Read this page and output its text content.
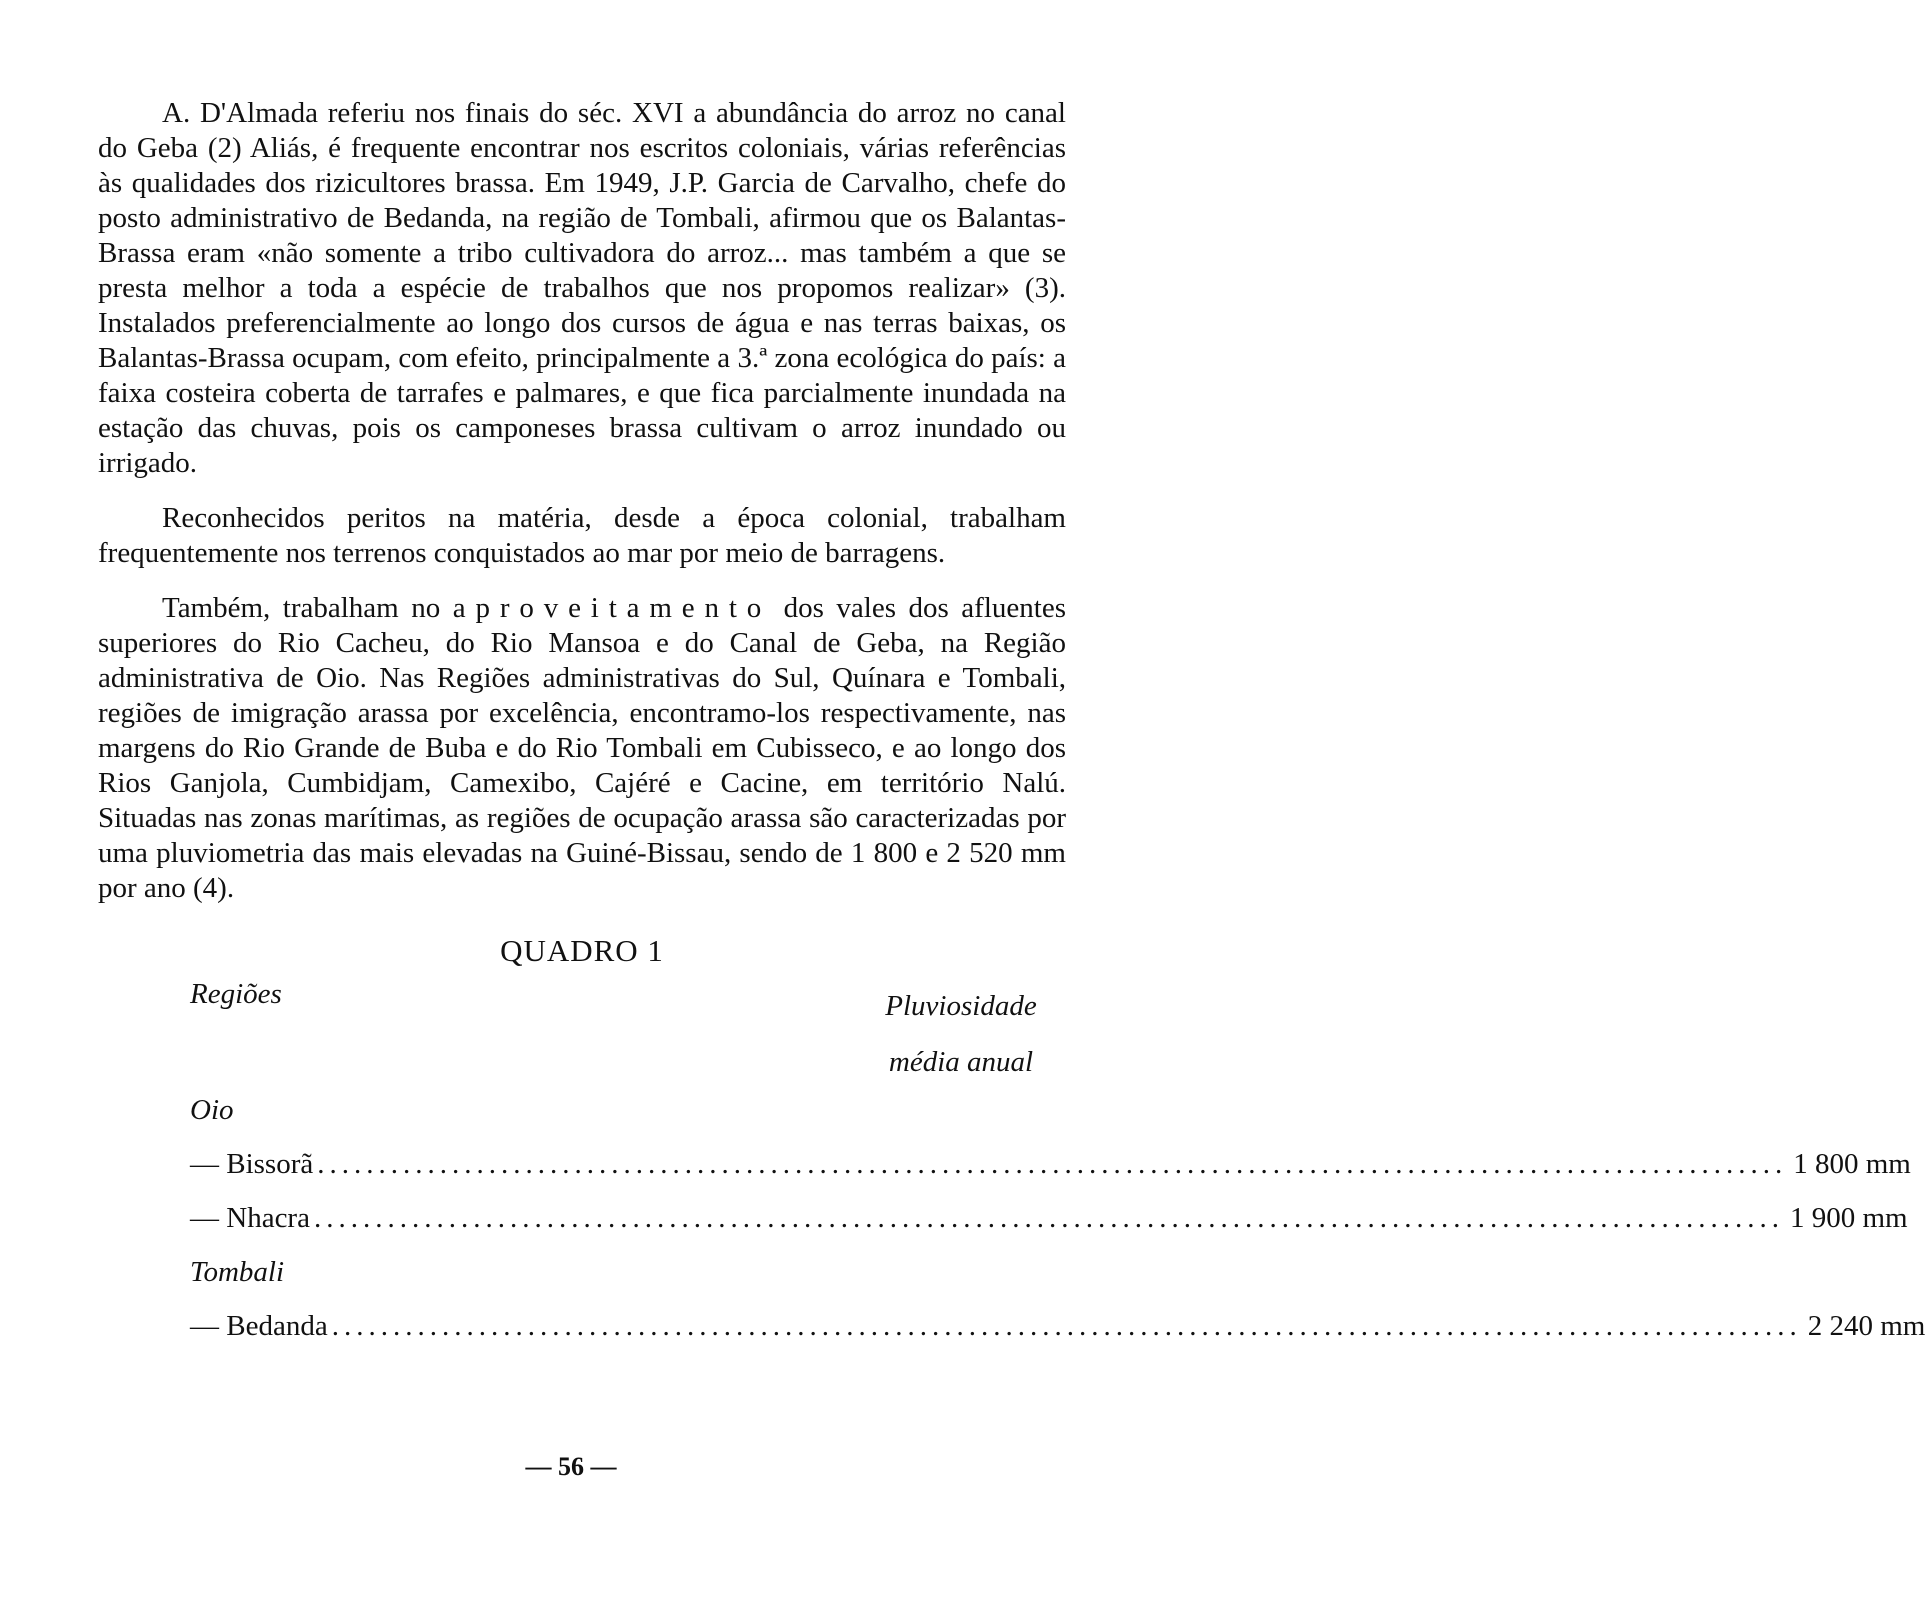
A. D'Almada referiu nos finais do séc. XVI a abundância do arroz no canal do Geba (2) Aliás, é frequente encontrar nos escritos coloniais, várias referências às qualidades dos rizicultores brassa. Em 1949, J.P. Garcia de Carvalho, chefe do posto administrativo de Bedanda, na região de Tombali, afirmou que os Balantas-Brassa eram «não somente a tribo cultivadora do arroz... mas também a que se presta melhor a toda a espécie de trabalhos que nos propomos realizar» (3). Instalados preferencialmente ao longo dos cursos de água e nas terras baixas, os Balantas-Brassa ocupam, com efeito, principalmente a 3.ª zona ecológica do país: a faixa costeira coberta de tarrafes e palmares, e que fica parcialmente inundada na estação das chuvas, pois os camponeses brassa cultivam o arroz inundado ou irrigado.

Reconhecidos peritos na matéria, desde a época colonial, trabalham frequentemente nos terrenos conquistados ao mar por meio de barragens.

Também, trabalham no aproveitamento dos vales dos afluentes superiores do Rio Cacheu, do Rio Mansoa e do Canal de Geba, na Região administrativa de Oio. Nas Regiões administrativas do Sul, Quínara e Tombali, regiões de imigração arassa por excelência, encontramo-los respectivamente, nas margens do Rio Grande de Buba e do Rio Tombali em Cubisseco, e ao longo dos Rios Ganjola, Cumbidjam, Camexibo, Cajéré e Cacine, em território Nalú. Situadas nas zonas marítimas, as regiões de ocupação arassa são caracterizadas por uma pluviometria das mais elevadas na Guiné-Bissau, sendo de 1 800 e 2 520 mm por ano (4).

QUADRO 1
Regiões	Pluviosidade
média anual
Oio
— Bissorã ........................................................................................................................ 1 800 mm
— Nhacra ........................................................................................................................ 1 900 mm
Tombali
— Bedanda ........................................................................................................................ 2 240 mm
— 56 —
